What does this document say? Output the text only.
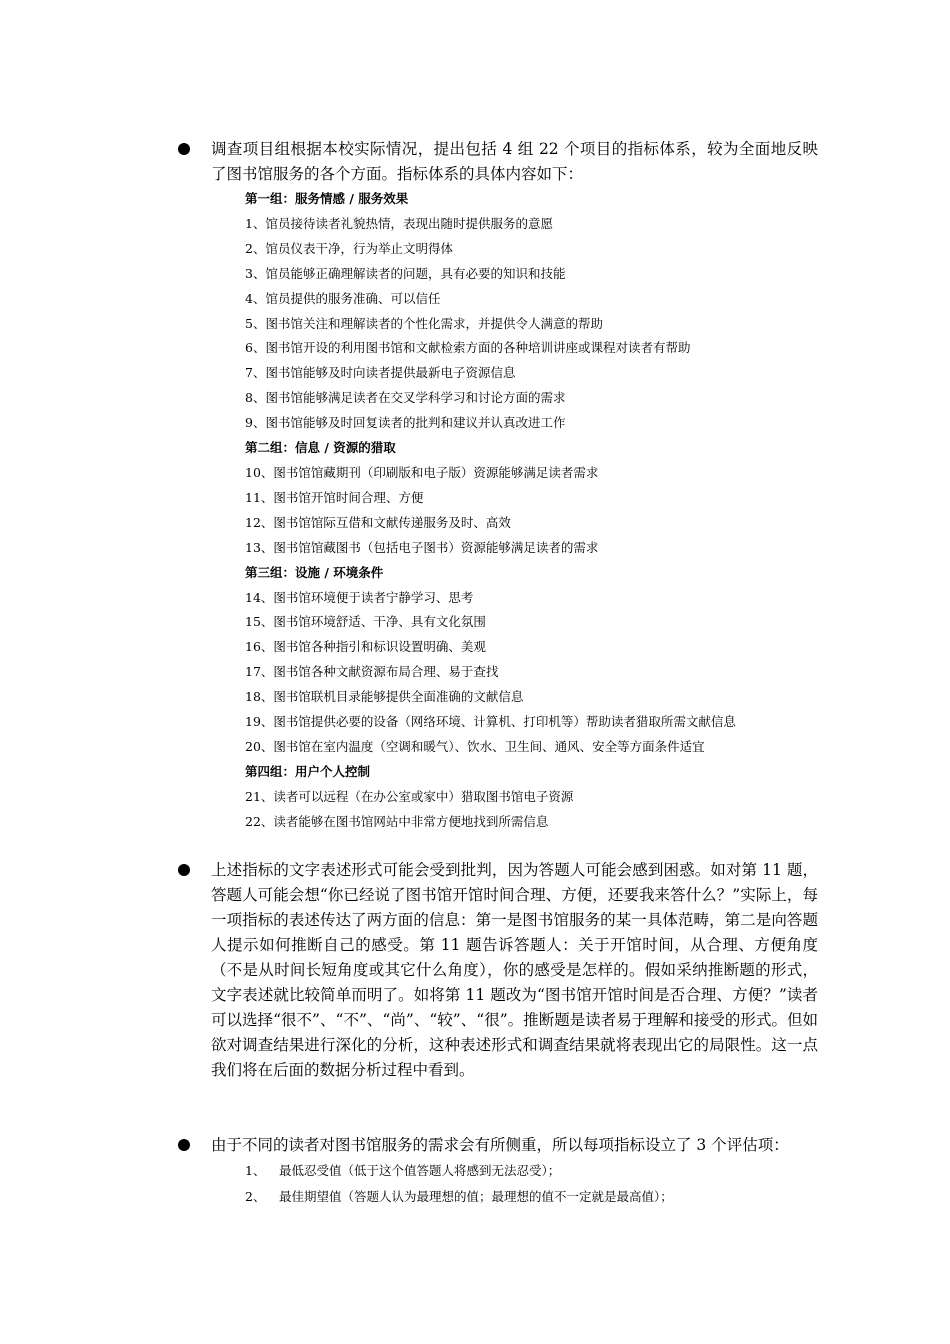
调查项目组根据本校实际情况，提出包括 4 组 22 个项目的指标体系，较为全面地反映了图书馆服务的各个方面。指标体系的具体内容如下：
第一组：服务情感 / 服务效果
1、馆员接待读者礼貌热情，表现出随时提供服务的意愿
2、馆员仪表干净，行为举止文明得体
3、馆员能够正确理解读者的问题，具有必要的知识和技能
4、馆员提供的服务准确、可以信任
5、图书馆关注和理解读者的个性化需求，并提供令人满意的帮助
6、图书馆开设的利用图书馆和文献检索方面的各种培训讲座或课程对读者有帮助
7、图书馆能够及时向读者提供最新电子资源信息
8、图书馆能够满足读者在交叉学科学习和讨论方面的需求
9、图书馆能够及时回复读者的批判和建议并认真改进工作
第二组：信息 / 资源的猎取
10、图书馆馆藏期刊（印刷版和电子版）资源能够满足读者需求
11、图书馆开馆时间合理、方便
12、图书馆馆际互借和文献传递服务及时、高效
13、图书馆馆藏图书（包括电子图书）资源能够满足读者的需求
第三组：设施 / 环境条件
14、图书馆环境便于读者宁静学习、思考
15、图书馆环境舒适、干净、具有文化氛围
16、图书馆各种指引和标识设置明确、美观
17、图书馆各种文献资源布局合理、易于查找
18、图书馆联机目录能够提供全面准确的文献信息
19、图书馆提供必要的设备（网络环境、计算机、打印机等）帮助读者猎取所需文献信息
20、图书馆在室内温度（空调和暖气）、饮水、卫生间、通风、安全等方面条件适宜
第四组：用户个人控制
21、读者可以远程（在办公室或家中）猎取图书馆电子资源
22、读者能够在图书馆网站中非常方便地找到所需信息
上述指标的文字表述形式可能会受到批判，因为答题人可能会感到困惑。如对第 11 题，答题人可能会想“你已经说了图书馆开馆时间合理、方便，还要我来答什么？”实际上，每一项指标的表述传达了两方面的信息：第一是图书馆服务的某一具体范畴，第二是向答题人提示如何推断自己的感受。第 11 题告诉答题人：关于开馆时间，从合理、方便角度（不是从时间长短角度或其它什么角度），你的感受是怎样的。假如采纳推断题的形式，文字表述就比较简单而明了。如将第 11 题改为“图书馆开馆时间是否合理、方便？”读者可以选择“很不”、“不”、“尚”、“较”、“很”。推断题是读者易于理解和接受的形式。但如欲对调查结果进行深化的分析，这种表述形式和调查结果就将表现出它的局限性。这一点我们将在后面的数据分析过程中看到。
由于不同的读者对图书馆服务的需求会有所侧重，所以每项指标设立了 3 个评估项：
1、 最低忍受值（低于这个值答题人将感到无法忍受）；
2、 最佳期望值（答题人认为最理想的值；最理想的值不一定就是最高值）；
